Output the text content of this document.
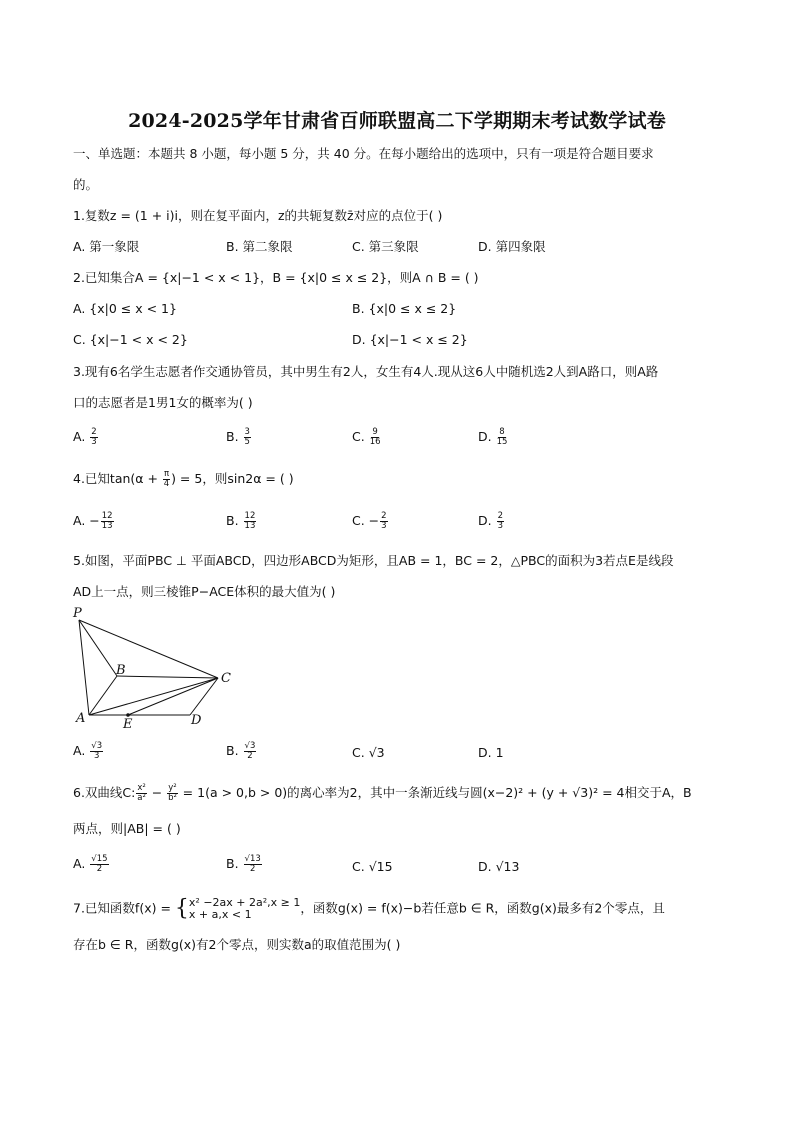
2024-2025学年甘肃省百师联盟高二下学期期末考试数学试卷
一、单选题：本题共 8 小题，每小题 5 分，共 40 分。在每小题给出的选项中，只有一项是符合题目要求
的。
1.复数z = (1 + i)i，则在复平面内，z的共轭复数z̄对应的点位于( )
A. 第一象限	B. 第二象限	C. 第三象限	D. 第四象限
2.已知集合A = {x|−1 < x < 1}，B = {x|0 ≤ x ≤ 2}，则A ∩ B = ( )
A. {x|0 ≤ x < 1}	B. {x|0 ≤ x ≤ 2}
C. {x|−1 < x < 2}	D. {x|−1 < x ≤ 2}
3.现有6名学生志愿者作交通协管员，其中男生有2人，女生有4人.现从这6人中随机选2人到A路口，则A路
口的志愿者是1男1女的概率为( )
A. $\frac{2}{3}$	B. $\frac{3}{5}$	C. $\frac{9}{16}$	D. $\frac{8}{15}$
4.已知$\tan(\alpha + \frac{\pi}{4}$ ) = 5，则sin2α = ( )
A. − $\frac{12}{13}$	B. $\frac{12}{13}$	C. − $\frac{2}{3}$	D. $\frac{2}{3}$
5.如图，平面PBC ⊥ 平面ABCD，四边形ABCD为矩形，且AB = 1，BC = 2，△PBC的面积为3若点E是线段
AD上一点，则三棱锥P−ACE体积的最大值为( )
P
B
C
A	E	D
A. $\frac{√3}{3}$	B. $\frac{√3}{2}$	C. √3	D. 1
6.双曲线C: $\frac{\text{x²}}{\text{a²}} - \frac{\text{y²}}{\text{b²}} = 1(a > 0,b > 0)$的离心率为2，其中一条渐近线与圆(x−2)² + (y + √3)² = 4相交于A，B
两点，则|AB| = ( )
A. $\frac{√15}{2}$	B. $\frac{√13}{2}$	C. √15	D. √13
7.已知函数f(x) = { x² −2ax + 2a²,x ≥ 1
x + a,x < 1	，函数g(x) = f(x)−b若任意b ∈ R，函数g(x)最多有2个零点，且
存在b ∈ R，函数g(x)有2个零点，则实数a的取值范围为( )
